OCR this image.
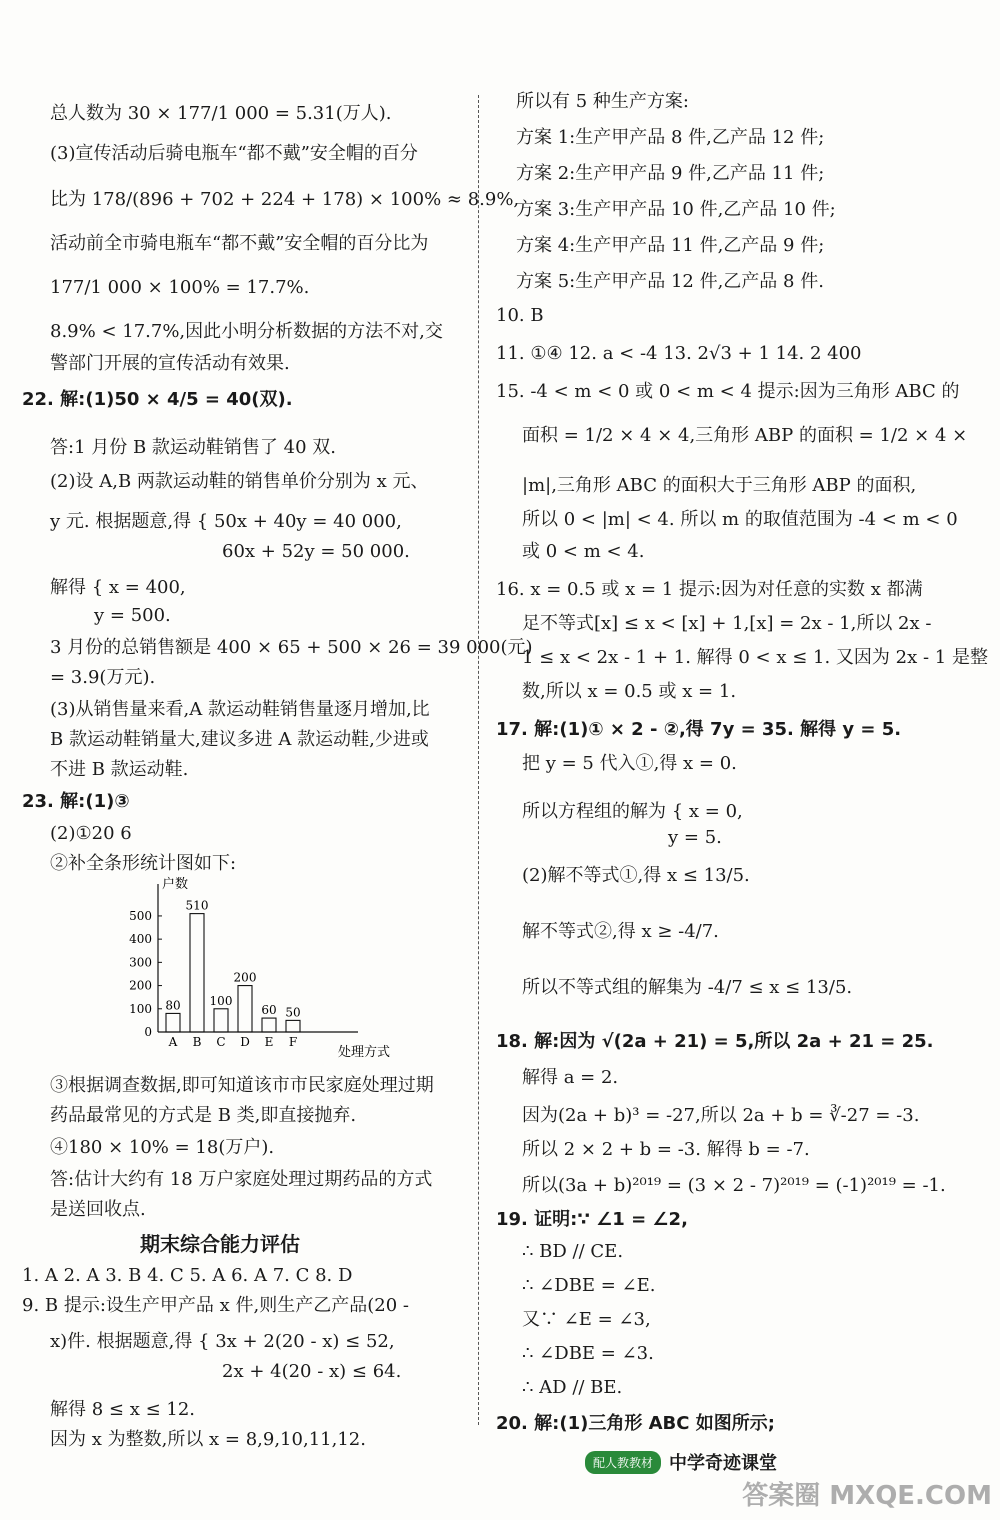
总人数为 30 × 177/1 000 = 5.31(万人).
(3)宣传活动后骑电瓶车“都不戴”安全帽的百分
比为 178/(896 + 702 + 224 + 178) × 100% ≈ 8.9%,
活动前全市骑电瓶车“都不戴”安全帽的百分比为
177/1 000 × 100% = 17.7%.
8.9% < 17.7%,因此小明分析数据的方法不对,交
警部门开展的宣传活动有效果.
22. 解:(1)50 × 4/5 = 40(双).
答:1 月份 B 款运动鞋销售了 40 双.
(2)设 A,B 两款运动鞋的销售单价分别为 x 元、
y 元. 根据题意,得 { 50x + 40y = 40 000,
60x + 52y = 50 000.
解得 { x = 400,
y = 500.
3 月份的总销售额是 400 × 65 + 500 × 26 = 39 000(元)
= 3.9(万元).
(3)从销售量来看,A 款运动鞋销售量逐月增加,比
B 款运动鞋销量大,建议多进 A 款运动鞋,少进或
不进 B 款运动鞋.
23. 解:(1)③
(2)①20 6
②补全条形统计图如下:
③根据调查数据,即可知道该市市民家庭处理过期
药品最常见的方式是 B 类,即直接抛弃.
④180 × 10% = 18(万户).
答:估计大约有 18 万户家庭处理过期药品的方式
是送回收点.
1. A 2. A 3. B 4. C 5. A 6. A 7. C 8. D
9. B 提示:设生产甲产品 x 件,则生产乙产品(20 -
x)件. 根据题意,得 { 3x + 2(20 - x) ≤ 52,
2x + 4(20 - x) ≤ 64.
解得 8 ≤ x ≤ 12.
因为 x 为整数,所以 x = 8,9,10,11,12.
所以有 5 种生产方案:
方案 1:生产甲产品 8 件,乙产品 12 件;
方案 2:生产甲产品 9 件,乙产品 11 件;
方案 3:生产甲产品 10 件,乙产品 10 件;
方案 4:生产甲产品 11 件,乙产品 9 件;
方案 5:生产甲产品 12 件,乙产品 8 件.
10. B
11. ①④ 12. a < -4 13. 2√3 + 1 14. 2 400
15. -4 < m < 0 或 0 < m < 4 提示:因为三角形 ABC 的
面积 = 1/2 × 4 × 4,三角形 ABP 的面积 = 1/2 × 4 ×
|m|,三角形 ABC 的面积大于三角形 ABP 的面积,
所以 0 < |m| < 4. 所以 m 的取值范围为 -4 < m < 0
或 0 < m < 4.
16. x = 0.5 或 x = 1 提示:因为对任意的实数 x 都满
足不等式[x] ≤ x < [x] + 1,[x] = 2x - 1,所以 2x -
1 ≤ x < 2x - 1 + 1. 解得 0 < x ≤ 1. 又因为 2x - 1 是整
数,所以 x = 0.5 或 x = 1.
17. 解:(1)① × 2 - ②,得 7y = 35. 解得 y = 5.
把 y = 5 代入①,得 x = 0.
所以方程组的解为 { x = 0,
y = 5.
(2)解不等式①,得 x ≤ 13/5.
解不等式②,得 x ≥ -4/7.
所以不等式组的解集为 -4/7 ≤ x ≤ 13/5.
18. 解:因为 √(2a + 21) = 5,所以 2a + 21 = 25.
解得 a = 2.
因为(2a + b)³ = -27,所以 2a + b = ∛-27 = -3.
所以 2 × 2 + b = -3. 解得 b = -7.
所以(3a + b)²⁰¹⁹ = (3 × 2 - 7)²⁰¹⁹ = (-1)²⁰¹⁹ = -1.
19. 证明:∵ ∠1 = ∠2,
∴ BD // CE.
∴ ∠DBE = ∠E.
又∵ ∠E = ∠3,
∴ ∠DBE = ∠3.
∴ AD // BE.
20. 解:(1)三角形 ABC 如图所示;
期末综合能力评估
户数
处理方式
0
100
200
300
400
500
80
A
510
B
100
C
200
D
60
E
50
F
配人教教材 中学奇迹课堂
答案圈 MXQE.COM
